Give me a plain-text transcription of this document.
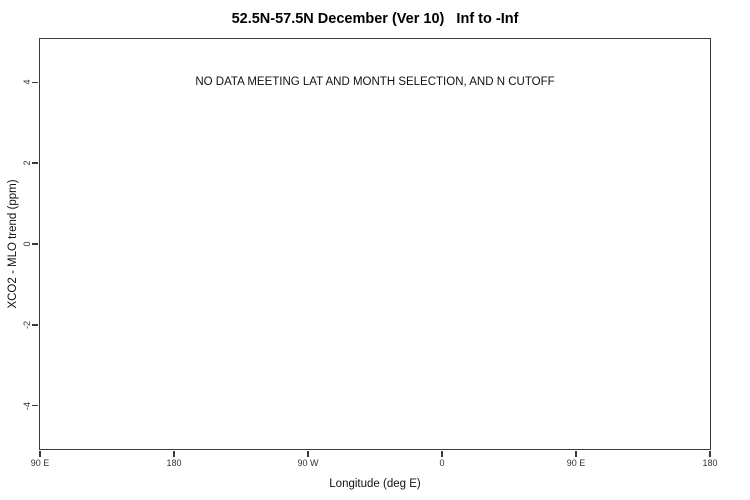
52.5N-57.5N December (Ver 10)   Inf to -Inf
NO DATA MEETING LAT AND MONTH SELECTION, AND N CUTOFF
4
2
0
-2
-4
90 E	180	90 W	0	90 E	180
Longitude (deg E)
XCO2 - MLO trend (ppm)
